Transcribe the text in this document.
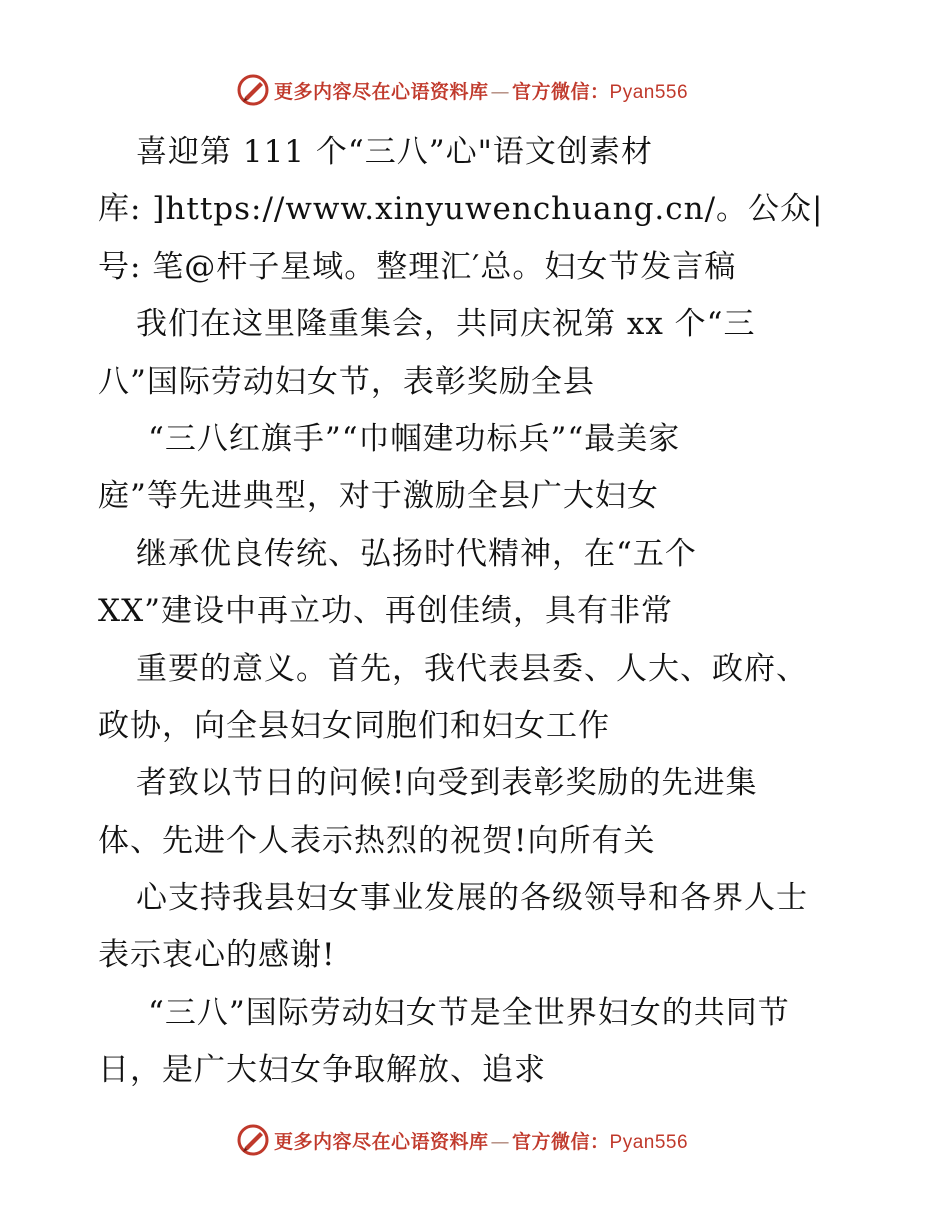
更多内容尽在心语资料库 — 官方微信：Pyan556
喜迎第 111 个“三八”心"语文创素材
库: ]https://www.xinyuwenchuang.cn/。公众|
号: 笔@杆子星域。整理汇′总。妇女节发言稿
我们在这里隆重集会，共同庆祝第 xx 个“三
八”国际劳动妇女节，表彰奖励全县
“三八红旗手”“巾帼建功标兵”“最美家
庭”等先进典型，对于激励全县广大妇女
继承优良传统、弘扬时代精神，在“五个
XX”建设中再立功、再创佳绩，具有非常
重要的意义。首先，我代表县委、人大、政府、
政协，向全县妇女同胞们和妇女工作
者致以节日的问候!向受到表彰奖励的先进集
体、先进个人表示热烈的祝贺!向所有关
心支持我县妇女事业发展的各级领导和各界人士
表示衷心的感谢!
“三八”国际劳动妇女节是全世界妇女的共同节
日，是广大妇女争取解放、追求
更多内容尽在心语资料库 — 官方微信：Pyan556
